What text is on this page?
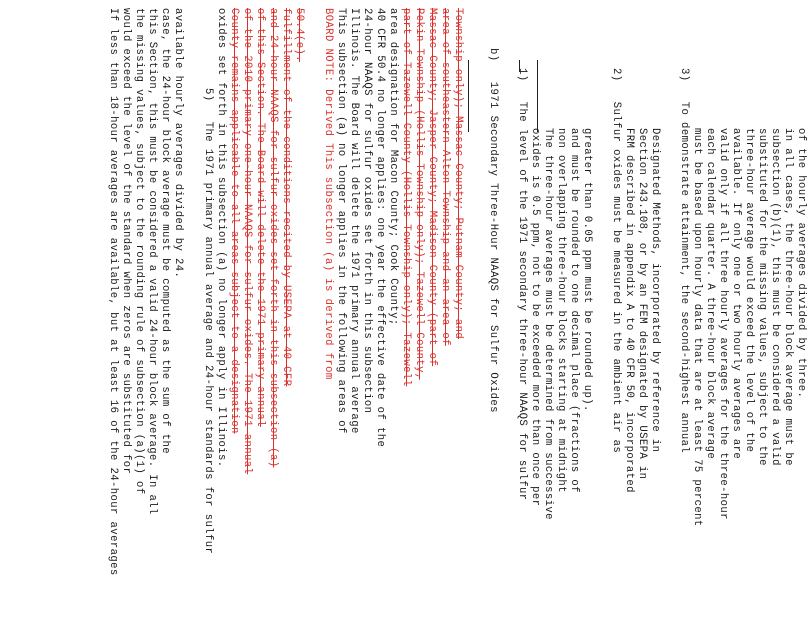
If less than 18-hour averages are available, but at least 16 of the 24-hour averages would exceed the level of the standard when zeros are substituted for the missing values, subject to the rounding rule of subsection (a)(1) of this Section, this must be considered a valid 24-hour block average. In all case, the 24-hour block average must be computed as the sum of the available hourly averages divided by 24. 5)   The 1971 primary annual average and 24-hour standards for sulfur oxides set forth in this subsection (a) no longer apply in Illinois. County remains applicable to all areas subject to a designation of the 2010 primary one-hour NAAQS for sulfur oxides. The 1971 annual of this Section. The Board will delete the 1971 primary annual and 24-hour NAAQS for sulfur oxides set forth in this subsection (a) fulfillment of the conditions recited by USEPA at 40 CFR 50.4(e). BOARD NOTE: Derived This subsection (a) is derived from This subsection (a) no longer applies in the following areas of Illinois. The Board will delete the 1971 primary annual average 24-hour NAAQS for sulfur oxides set forth in this subsection 40 CFR 50.4 no longer applies: one year the effective date of the area designation for Macon County; Cook County; part of Tazewell County (Hollis Township only); Tazewell Pekin Township (Hollis Township only); Tazewell County, Massac County; Jasper County; Madison County (part of area of southeastern Alton Township and an area of Township only); Massac County; Putnam County; and b)   1971 Secondary Three-Hour NAAQS for Sulfur Oxides 1)   The level of the 1971 secondary three-hour NAAQS for sulfur oxides is 0.5 ppm, not to be exceeded more than once per The three-hour averages must be determined from successive non overlapping three-hour blocks starting at midnight and must be rounded to one decimal place (fractions of greater than 0.05 ppm must be rounded up). 2)   Sulfur oxides must be measured in the ambient air as FRM described in appendix A to 40 CFR 50, incorporated Section 243.108, or by an FEM designated by USEPA in Designated Methods, incorporated by reference in 3)   To demonstrate attainment, the second-highest annual must be based upon hourly data that are at least 75 percent each calendar quarter. A three-hour block average valid only if all three hourly averages for the three-hour available. If only one or two hourly averages are three-hour average would exceed the level of the substituted for the missing values, subject to the subsection (b)(1), this must be considered a valid in all cases, the three-hour block average must be of the hourly averages divided by three.
